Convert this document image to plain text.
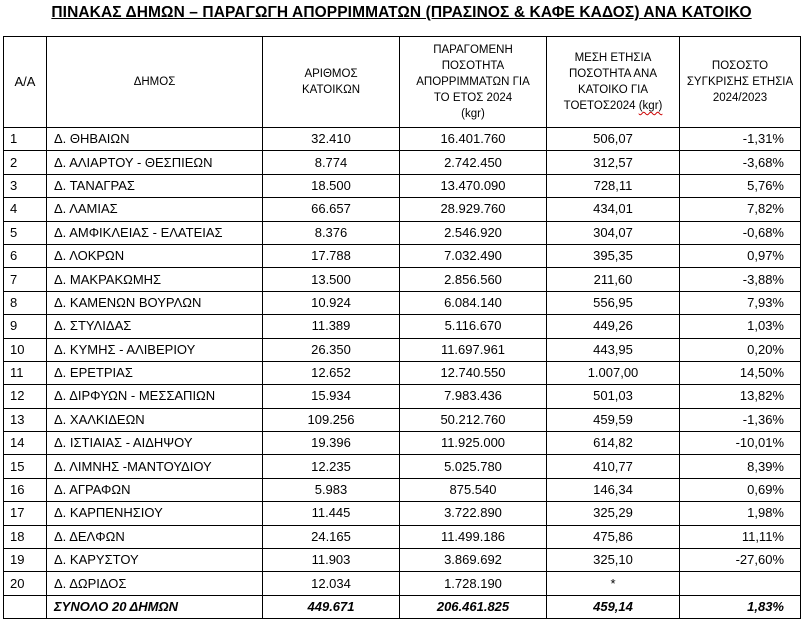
ΠΙΝΑΚΑΣ ΔΗΜΩΝ – ΠΑΡΑΓΩΓΗ ΑΠΟΡΡΙΜΜΑΤΩΝ (ΠΡΑΣΙΝΟΣ & ΚΑΦΕ ΚΑΔΟΣ) ΑΝΑ ΚΑΤΟΙΚΟ
Α/Α	ΔΗΜΟΣ	ΑΡΙΘΜΟΣ ΚΑΤΟΙΚΩΝ	ΠΑΡΑΓΟΜΕΝΗ ΠΟΣΟΤΗΤΑ ΑΠΟΡΡΙΜΜΑΤΩΝ ΓΙΑ ΤΟ ΕΤΟΣ 2024
(kgr)	ΜΕΣΗ ΕΤΗΣΙΑ ΠΟΣΟΤΗΤΑ ΑΝΑ ΚΑΤΟΙΚΟ ΓΙΑ ΤΟΕΤΟΣ2024 (kgr)	ΠΟΣΟΣΤΟ ΣΥΓΚΡΙΣΗΣ ΕΤΗΣΙΑ 2024/2023
1	Δ. ΘΗΒΑΙΩΝ	32.410	16.401.760	506,07	-1,31%
2	Δ. ΑΛΙΑΡΤΟΥ - ΘΕΣΠΙΕΩΝ	8.774	2.742.450	312,57	-3,68%
3	Δ. ΤΑΝΑΓΡΑΣ	18.500	13.470.090	728,11	5,76%
4	Δ. ΛΑΜΙΑΣ	66.657	28.929.760	434,01	7,82%
5	Δ. ΑΜΦΙΚΛΕΙΑΣ - ΕΛΑΤΕΙΑΣ	8.376	2.546.920	304,07	-0,68%
6	Δ. ΛΟΚΡΩΝ	17.788	7.032.490	395,35	0,97%
7	Δ. ΜΑΚΡΑΚΩΜΗΣ	13.500	2.856.560	211,60	-3,88%
8	Δ. ΚΑΜΕΝΩΝ ΒΟΥΡΛΩΝ	10.924	6.084.140	556,95	7,93%
9	Δ. ΣΤΥΛΙΔΑΣ	11.389	5.116.670	449,26	1,03%
10	Δ. ΚΥΜΗΣ - ΑΛΙΒΕΡΙΟΥ	26.350	11.697.961	443,95	0,20%
11	Δ. ΕΡΕΤΡΙΑΣ	12.652	12.740.550	1.007,00	14,50%
12	Δ. ΔΙΡΦΥΩΝ - ΜΕΣΣΑΠΙΩΝ	15.934	7.983.436	501,03	13,82%
13	Δ. ΧΑΛΚΙΔΕΩΝ	109.256	50.212.760	459,59	-1,36%
14	Δ. ΙΣΤΙΑΙΑΣ - ΑΙΔΗΨΟΥ	19.396	11.925.000	614,82	-10,01%
15	Δ. ΛΙΜΝΗΣ -ΜΑΝΤΟΥΔΙΟΥ	12.235	5.025.780	410,77	8,39%
16	Δ. ΑΓΡΑΦΩΝ	5.983	875.540	146,34	0,69%
17	Δ. ΚΑΡΠΕΝΗΣΙΟΥ	11.445	3.722.890	325,29	1,98%
18	Δ. ΔΕΛΦΩΝ	24.165	11.499.186	475,86	11,11%
19	Δ. ΚΑΡΥΣΤΟΥ	11.903	3.869.692	325,10	-27,60%
20	Δ. ΔΩΡΙΔΟΣ	12.034	1.728.190	*	
	ΣΥΝΟΛΟ 20 ΔΗΜΩΝ	449.671	206.461.825	459,14	1,83%
